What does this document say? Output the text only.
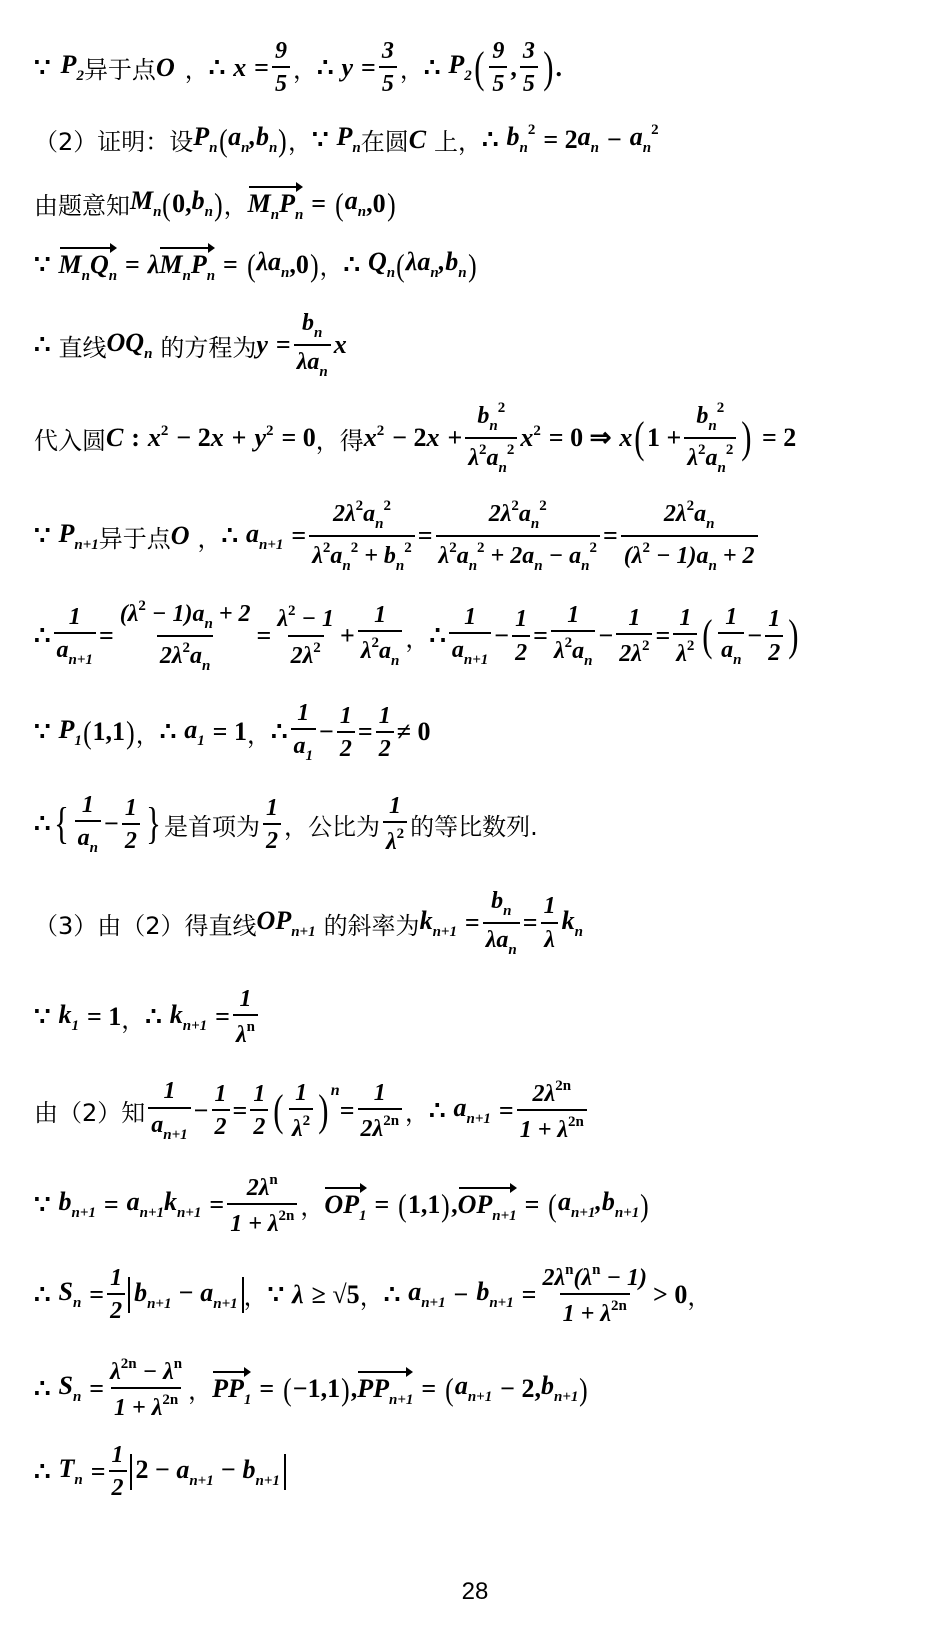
∵ $P_2$ 异于点 O ， ∴
x
= $\frac{9}{5}$ ， ∴
y
= $\frac{3}{5}$ ， ∴
$P_2$ ( $\frac{9}{5}$ , $\frac{3}{5}$ ) .
（2）证明：设 $P_n$ ( $a_n,b_n$ ) ， ∵
$P_n$ 在圆 C
上， ∴
$b_n^2$
= 2 $a_n$
−
$a_n^2$
由题意知 $M_n$ ( 0, $b_n$ ) ， $M_nP_n$
=
( $a_n$ ,0 )
∵
$M_nQ_n$
=
λ $M_nP_n$
=
( $\lambda a_n$ ,0 ) ， ∴
$Q_n$ ( $\lambda a_n,b_n$ )
∴
直线 $OQ_n$
的方程为 y
= $\frac{b_n}{\lambda a_n}$ x
代入圆 C
:
$x^2$
− 2 x
+
$y^2$
= 0 ，得 $x^2$
− 2 x
+ $\frac{b_n^2}{\lambda^2a_n^2} x^2$
= 0 ⇒
x ( $1 + \frac{b_n^2}{\lambda^2a_n^2}$ )
= 2
∵
$P_{n+1}$ 异于点 O
， ∴
$a_{n+1}$
= $\frac{2\lambda^2a_n^2}{\lambda^2a_n^2 + b_n^2} = \frac{2\lambda^2a_n^2}{\lambda^2a_n^2 + 2a_n - a_n^2} = \frac{2\lambda^2a_n}{(\lambda^2 - 1)a_n + 2}$
∴ $\frac{1}{a_{n+1}} = \frac{(\lambda^2 - 1)a_n + 2}{2\lambda^2a_n} = \frac{\lambda^2 - 1}{2\lambda^2} + \frac{1}{\lambda^2a_n}$ ， ∴ $\frac{1}{a_{n+1}} - \frac{1}{2} = \frac{1}{\lambda^2a_n} - \frac{1}{2\lambda^2} = \frac{1}{\lambda^2}$ ( $\frac{1}{a_n} - \frac{1}{2}$ )
∵
$P_1$ ( 1,1 ) ， ∴
$a_1$
= 1 ， ∴ $\frac{1}{a_1} - \frac{1}{2} = \frac{1}{2} \ne 0$
∴ { $\frac{1}{a_n} - \frac{1}{2}$ } 是首项为 $\frac{1}{2}$ ，公比为 $\frac{1}{\lambda^2}$ 的等比数列.
（3）由（2）得直线 $OP_{n+1}$
的斜率为 $k_{n+1}$
= $\frac{b_n}{\lambda a_n} = \frac{1}{\lambda} k_n$
∵
$k_1$
= 1 ， ∴
$k_{n+1}$
= $\frac{1}{\lambda^n}$
由（2）知 $\frac{1}{a_{n+1}} - \frac{1}{2} = \frac{1}{2}$ ( $\frac{1}{\lambda^2}$ ) n
= $\frac{1}{2\lambda^{2n}}$ ， ∴
$a_{n+1}$
= $\frac{2\lambda^{2n}}{1 + \lambda^{2n}}$
∵
$b_{n+1}$
=
$a_{n+1}k_{n+1}$
= $\frac{2\lambda^n}{1 + \lambda^{2n}}$ ， $OP_1$
=
( 1,1 ) , $OP_{n+1}$
=
( $a_{n+1},b_{n+1}$ )
∴
$S_n$
= $\frac{1}{2} b_{n+1} - a_{n+1}$ ， ∵
λ
≥ √5 ， ∴
$a_{n+1}$
−
$b_{n+1}$
= $\frac{2\lambda^n(\lambda^n - 1)}{1 + \lambda^{2n}} > 0$ ，
∴
$S_n$
= $\frac{\lambda^{2n} - \lambda^n}{1 + \lambda^{2n}}$ ， $PP_1$
=
( −1,1 ) , $PP_{n+1}$
=
( $a_{n+1}$
− 2, $b_{n+1}$ )
∴
$T_n$
= $\frac{1}{2} 2 - a_{n+1} - b_{n+1}$
28
